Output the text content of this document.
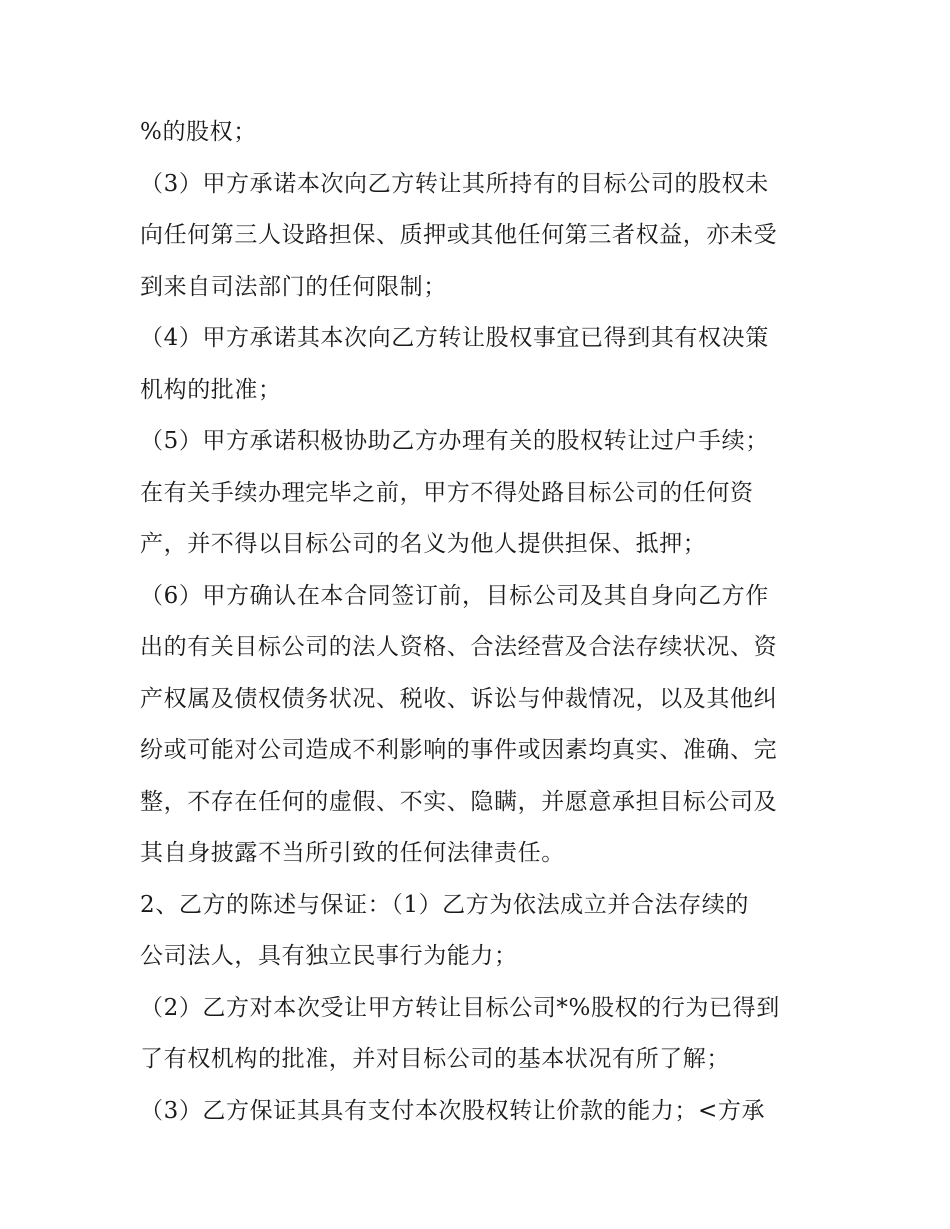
%的股权；
（3）甲方承诺本次向乙方转让其所持有的目标公司的股权未
向任何第三人设路担保、质押或其他任何第三者权益，亦未受
到来自司法部门的任何限制；
（4）甲方承诺其本次向乙方转让股权事宜已得到其有权决策
机构的批准；
（5）甲方承诺积极协助乙方办理有关的股权转让过户手续；
在有关手续办理完毕之前，甲方不得处路目标公司的任何资
产，并不得以目标公司的名义为他人提供担保、抵押；
（6）甲方确认在本合同签订前，目标公司及其自身向乙方作
出的有关目标公司的法人资格、合法经营及合法存续状况、资
产权属及债权债务状况、税收、诉讼与仲裁情况，以及其他纠
纷或可能对公司造成不利影响的事件或因素均真实、准确、完
整，不存在任何的虚假、不实、隐瞒，并愿意承担目标公司及
其自身披露不当所引致的任何法律责任。
2、乙方的陈述与保证：（1）乙方为依法成立并合法存续的
公司法人，具有独立民事行为能力；
（2）乙方对本次受让甲方转让目标公司*%股权的行为已得到
了有权机构的批准，并对目标公司的基本状况有所了解；
（3）乙方保证其具有支付本次股权转让价款的能力；<方承
